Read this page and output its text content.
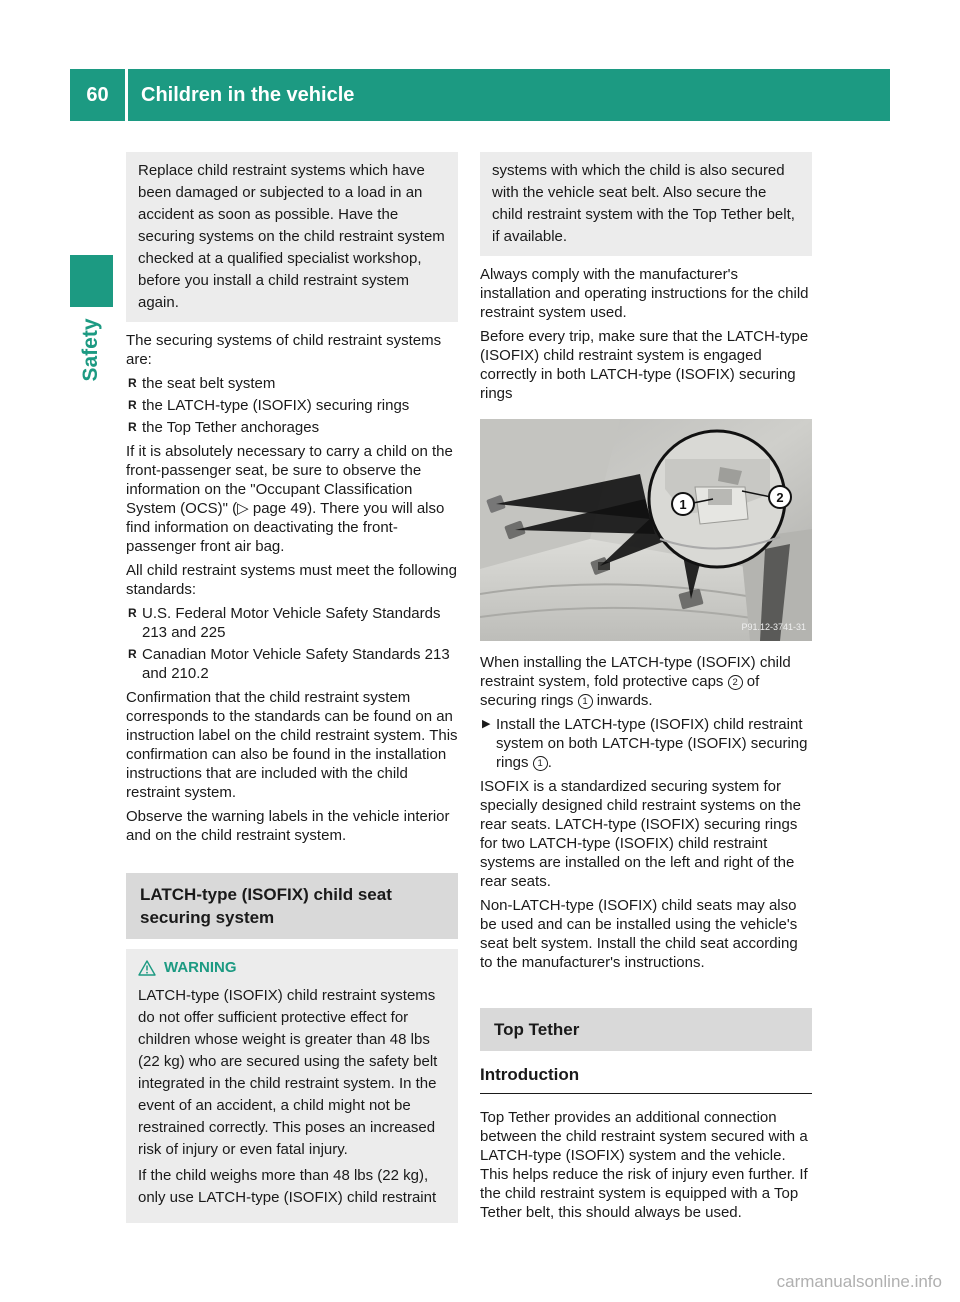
60	Children in the vehicle
Safety

Replace child restraint systems which have been damaged or subjected to a load in an accident as soon as possible. Have the securing systems on the child restraint system checked at a qualified specialist workshop, before you install a child restraint system again.

The securing systems of child restraint systems are:

R the seat belt system
R the LATCH-type (ISOFIX) securing rings
R the Top Tether anchorages

If it is absolutely necessary to carry a child on the front-passenger seat, be sure to observe the information on the "Occupant Classification System (OCS)" (▷ page 49). There you will also find information on deactivating the front-passenger front air bag.

All child restraint systems must meet the following standards:

R U.S. Federal Motor Vehicle Safety Standards 213 and 225
R Canadian Motor Vehicle Safety Standards 213 and 210.2

Confirmation that the child restraint system corresponds to the standards can be found on an instruction label on the child restraint system. This confirmation can also be found in the installation instructions that are included with the child restraint system.

Observe the warning labels in the vehicle interior and on the child restraint system.

LATCH-type (ISOFIX) child seat securing system
WARNING

LATCH-type (ISOFIX) child restraint systems do not offer sufficient protective effect for children whose weight is greater than 48 lbs (22 kg) who are secured using the safety belt integrated in the child restraint system. In the event of an accident, a child might not be restrained correctly. This poses an increased risk of injury or even fatal injury.

If the child weighs more than 48 lbs (22 kg), only use LATCH-type (ISOFIX) child restraint

systems with which the child is also secured with the vehicle seat belt. Also secure the child restraint system with the Top Tether belt, if available.

Always comply with the manufacturer's installation and operating instructions for the child restraint system used.

Before every trip, make sure that the LATCH-type (ISOFIX) child restraint system is engaged correctly in both LATCH-type (ISOFIX) securing rings

1	2
P91.12-3741-31

When installing the LATCH-type (ISOFIX) child restraint system, fold protective caps 2 of securing rings 1 inwards.

▶ Install the LATCH-type (ISOFIX) child restraint system on both LATCH-type (ISOFIX) securing rings 1 .

ISOFIX is a standardized securing system for specially designed child restraint systems on the rear seats. LATCH-type (ISOFIX) securing rings for two LATCH-type (ISOFIX) child restraint systems are installed on the left and right of the rear seats.

Non-LATCH-type (ISOFIX) child seats may also be used and can be installed using the vehicle's seat belt system. Install the child seat according to the manufacturer's instructions.

Top Tether
Introduction

Top Tether provides an additional connection between the child restraint system secured with a LATCH-type (ISOFIX) system and the vehicle. This helps reduce the risk of injury even further. If the child restraint system is equipped with a Top Tether belt, this should always be used.

carmanualsonline.info
